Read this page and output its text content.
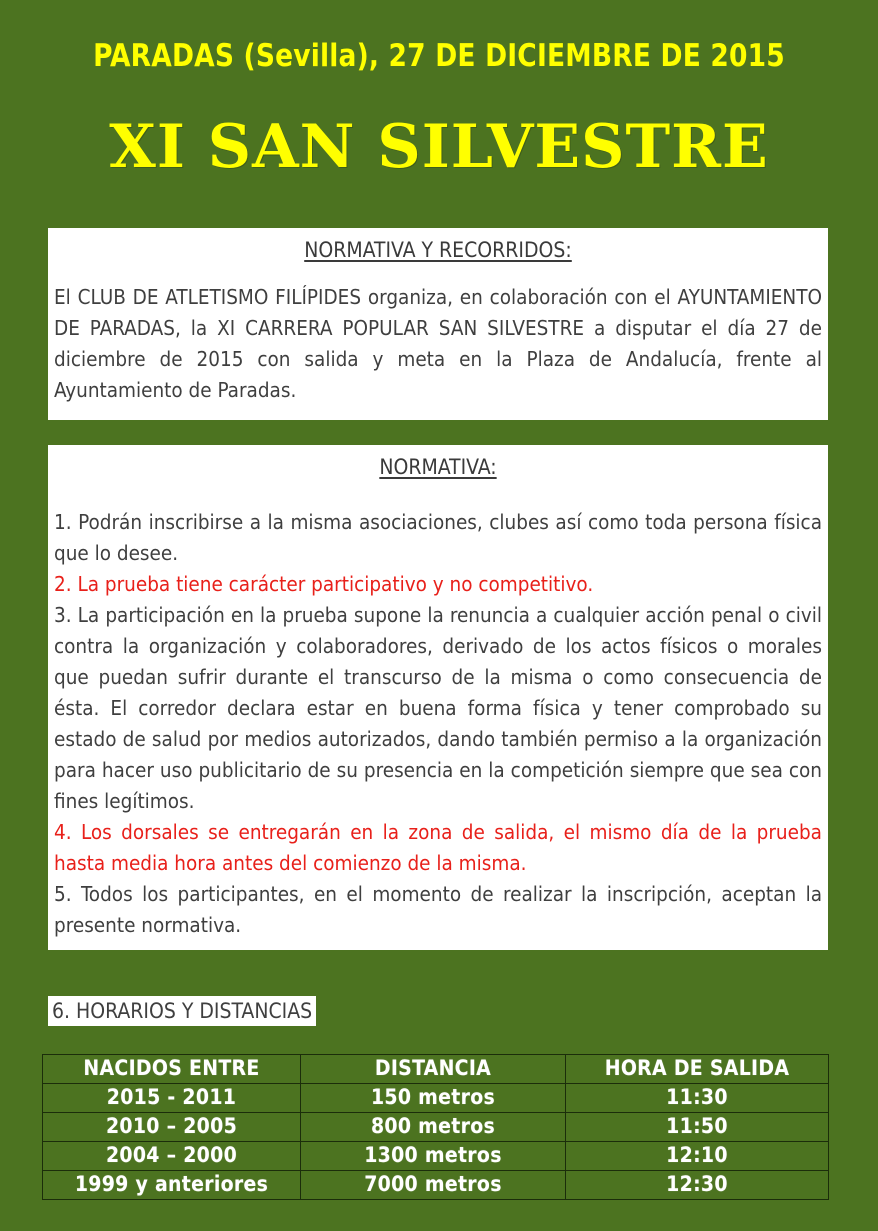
PARADAS (Sevilla), 27 DE DICIEMBRE DE 2015
XI SAN SILVESTRE
NORMATIVA Y RECORRIDOS:

El CLUB DE ATLETISMO FILÍPIDES organiza, en colaboración con el AYUNTAMIENTO DE PARADAS, la XI CARRERA POPULAR SAN SILVESTRE a disputar el día 27 de diciembre de 2015 con salida y meta en la Plaza de Andalucía, frente al Ayuntamiento de Paradas.

NORMATIVA:

1. Podrán inscribirse a la misma asociaciones, clubes así como toda persona física que lo desee.

2. La prueba tiene carácter participativo y no competitivo.

3. La participación en la prueba supone la renuncia a cualquier acción penal o civil contra la organización y colaboradores, derivado de los actos físicos o morales que puedan sufrir durante el transcurso de la misma o como consecuencia de ésta. El corredor declara estar en buena forma física y tener comprobado su estado de salud por medios autorizados, dando también permiso a la organización para hacer uso publicitario de su presencia en la competición siempre que sea con fines legítimos.

4. Los dorsales se entregarán en la zona de salida, el mismo día de la prueba hasta media hora antes del comienzo de la misma.

5. Todos los participantes, en el momento de realizar la inscripción, aceptan la presente normativa.

6. HORARIOS Y DISTANCIAS
NACIDOS ENTRE	DISTANCIA	HORA DE SALIDA
2015 - 2011	150 metros	11:30
2010 – 2005	800 metros	11:50
2004 – 2000	1300 metros	12:10
1999 y anteriores	7000 metros	12:30
